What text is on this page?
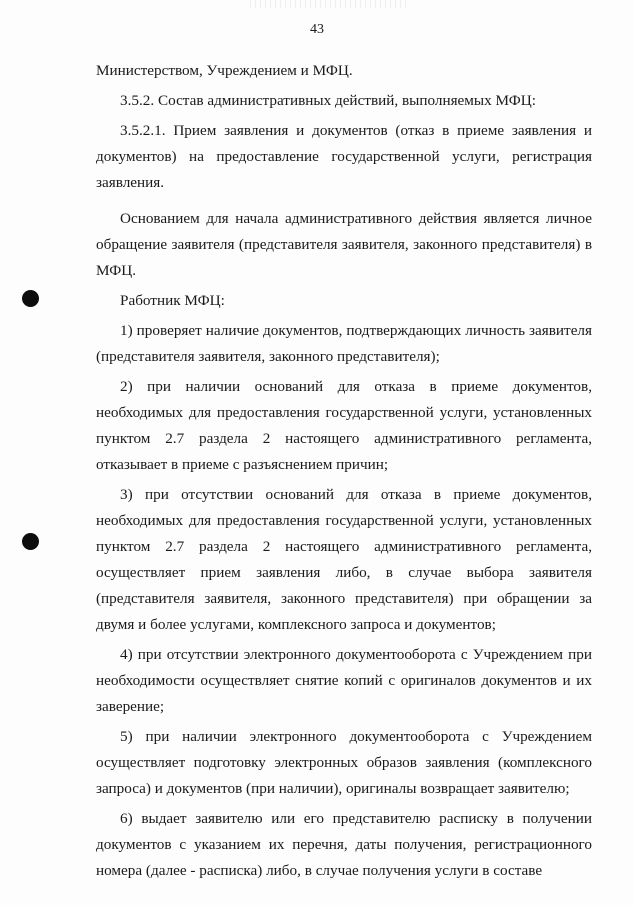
43

Министерством, Учреждением и МФЦ.

3.5.2. Состав административных действий, выполняемых МФЦ:

3.5.2.1. Прием заявления и документов (отказ в приеме заявления и документов) на предоставление государственной услуги, регистрация заявления.

Основанием для начала административного действия является личное обращение заявителя (представителя заявителя, законного представителя) в МФЦ.

Работник МФЦ:

1) проверяет наличие документов, подтверждающих личность заявителя (представителя заявителя, законного представителя);

2) при наличии оснований для отказа в приеме документов, необходимых для предоставления государственной услуги, установленных пунктом 2.7 раздела 2 настоящего административного регламента, отказывает в приеме с разъяснением причин;

3) при отсутствии оснований для отказа в приеме документов, необходимых для предоставления государственной услуги, установленных пунктом 2.7 раздела 2 настоящего административного регламента, осуществляет прием заявления либо, в случае выбора заявителя (представителя заявителя, законного представителя) при обращении за двумя и более услугами, комплексного запроса и документов;

4) при отсутствии электронного документооборота с Учреждением при необходимости осуществляет снятие копий с оригиналов документов и их заверение;

5) при наличии электронного документооборота с Учреждением осуществляет подготовку электронных образов заявления (комплексного запроса) и документов (при наличии), оригиналы возвращает заявителю;

6) выдает заявителю или его представителю расписку в получении документов с указанием их перечня, даты получения, регистрационного номера (далее - расписка) либо, в случае получения услуги в составе
